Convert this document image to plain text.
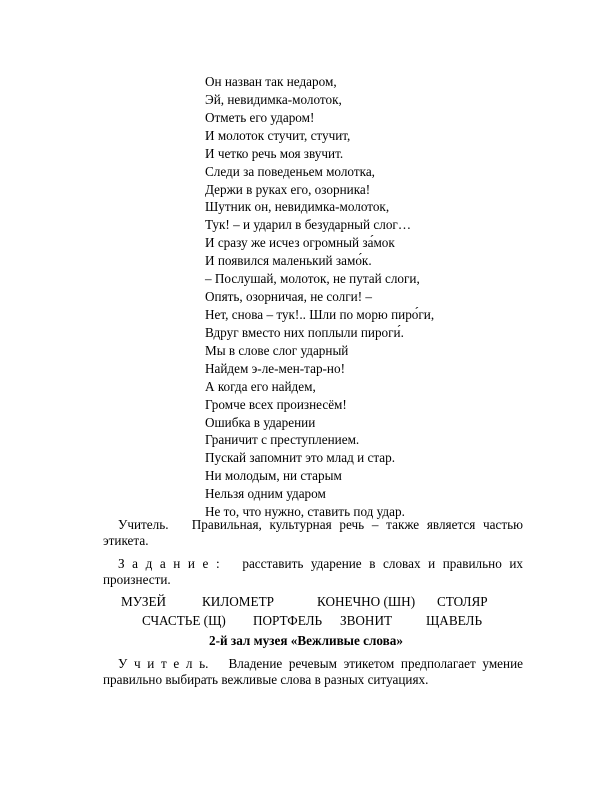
Он назван так недаром,
Эй, невидимка-молоток,
Отметь его ударом!
И молоток стучит, стучит,
И четко речь моя звучит.
Следи за поведеньем молотка,
Держи в руках его, озорника!
Шутник он, невидимка-молоток,
Тук! – и ударил в безударный слог…
И сразу же исчез огромный за́мок
И появился маленький замо́к.
– Послушай, молоток, не путай слоги,
Опять, озорничая, не солги! –
Нет, снова – тук!.. Шли по морю пиро́ги,
Вдруг вместо них поплыли пироги́.
Мы в слове слог ударный
Найдем э-ле-мен-тар-но!
А когда его найдем,
Громче всех произнесём!
Ошибка в ударении
Граничит с преступлением.
Пускай запомнит это млад и стар.
Ни молодым, ни старым
Нельзя одним ударом
Не то, что нужно, ставить под удар.
Учитель. Правильная, культурная речь – также является частью этикета.
З а д а н и е : расставить ударение в словах и правильно их произнести.
МУЗЕЙ	КИЛОМЕТР	КОНЕЧНО (ШН) СТОЛЯР
СЧАСТЬЕ (Щ) ПОРТФЕЛЬ ЗВОНИТ	ЩАВЕЛЬ
2-й зал музея «Вежливые слова»
У ч и т е л ь. Владение речевым этикетом предполагает умение правильно выбирать вежливые слова в разных ситуациях.
